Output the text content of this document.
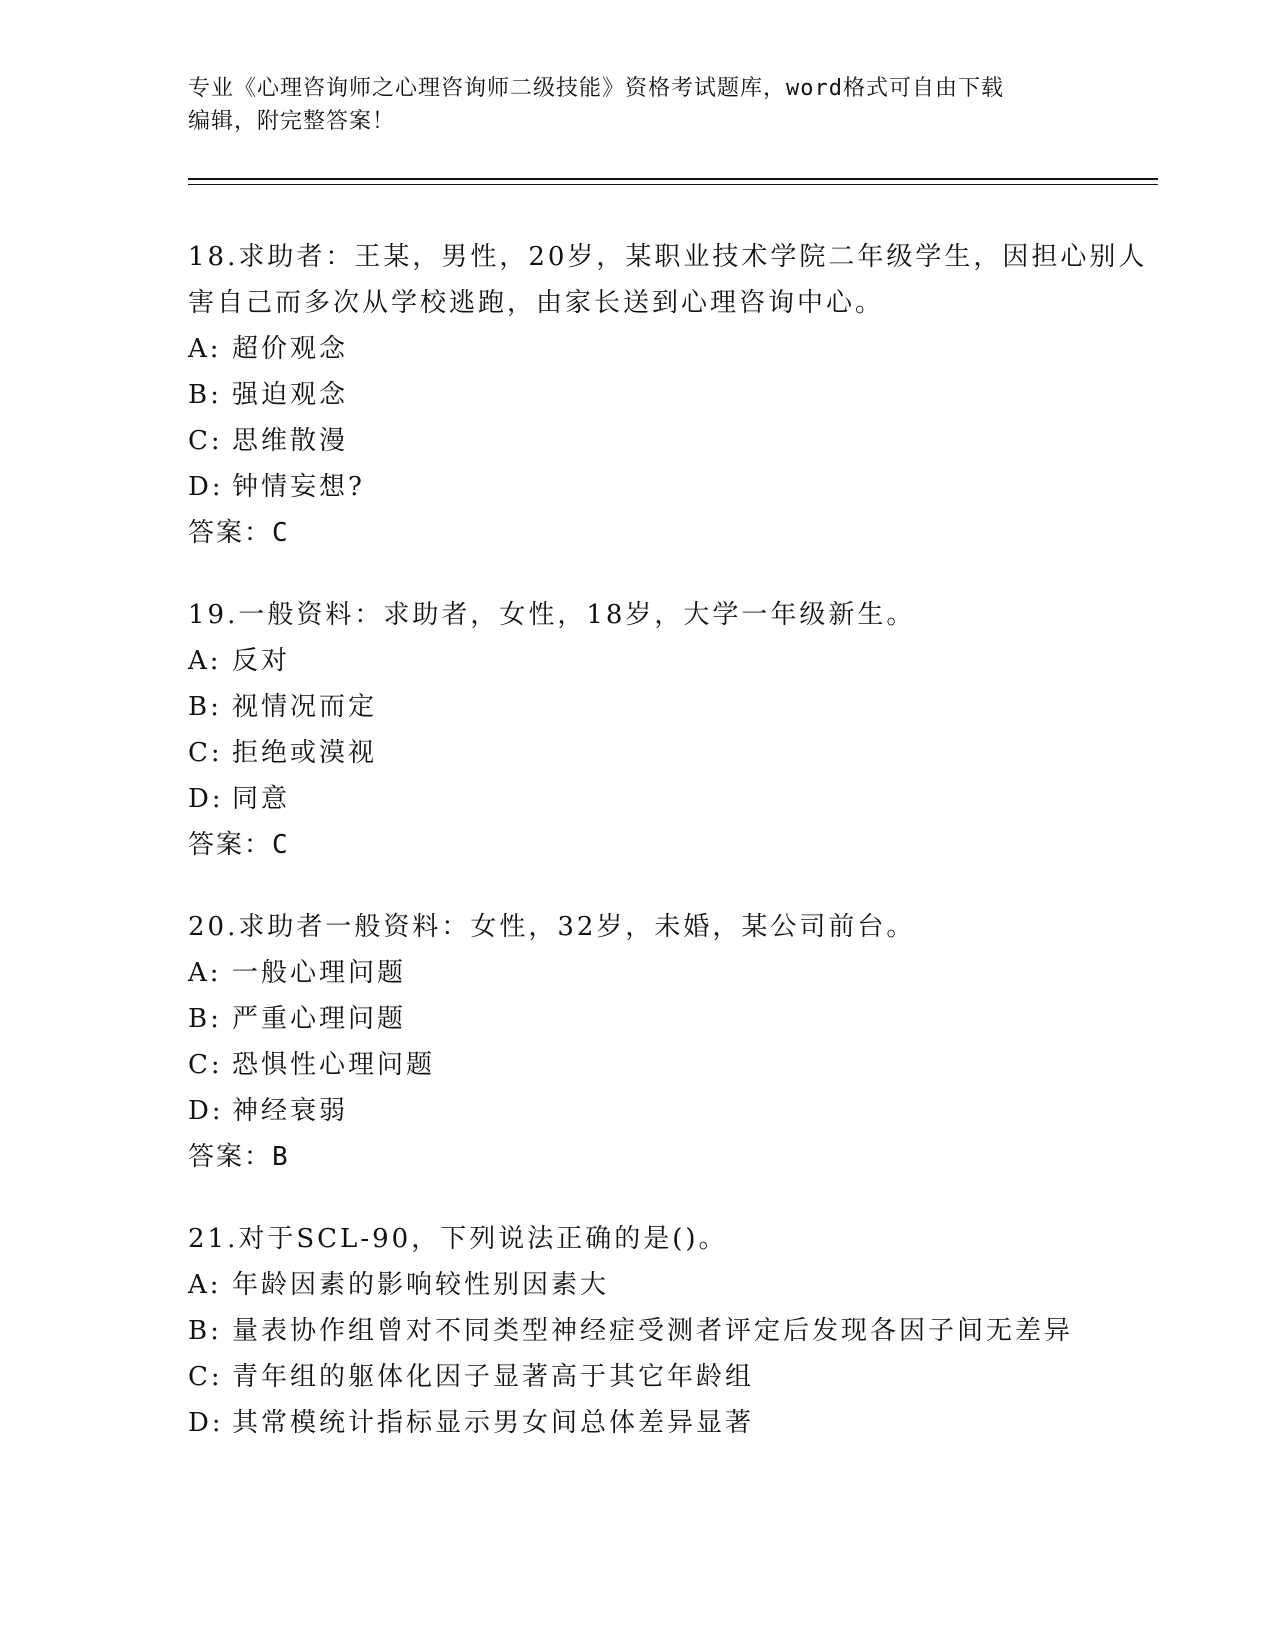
专业《心理咨询师之心理咨询师二级技能》资格考试题库，word格式可自由下载
编辑，附完整答案！
18.求助者：王某，男性，20岁，某职业技术学院二年级学生，因担心别人害自己而多次从学校逃跑，由家长送到心理咨询中心。
A: 超价观念
B: 强迫观念
C: 思维散漫
D: 钟情妄想?
答案：C
19.一般资料：求助者，女性，18岁，大学一年级新生。
A: 反对
B: 视情况而定
C: 拒绝或漠视
D: 同意
答案：C
20.求助者一般资料：女性，32岁，未婚，某公司前台。
A: 一般心理问题
B: 严重心理问题
C: 恐惧性心理问题
D: 神经衰弱
答案：B
21.对于SCL-90，下列说法正确的是()。
A: 年龄因素的影响较性别因素大
B: 量表协作组曾对不同类型神经症受测者评定后发现各因子间无差异
C: 青年组的躯体化因子显著高于其它年龄组
D: 其常模统计指标显示男女间总体差异显著
